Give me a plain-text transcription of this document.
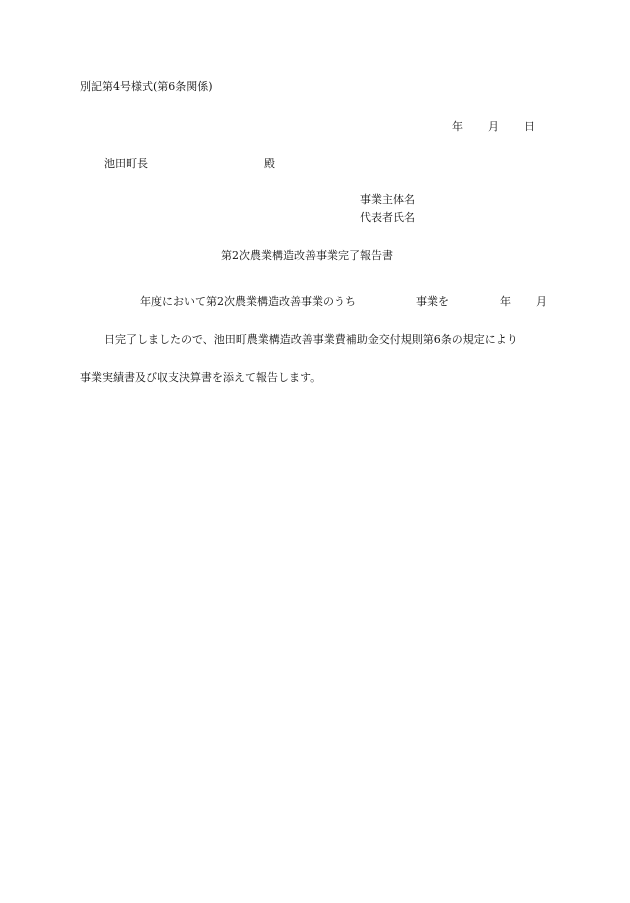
別記第4号様式(第6条関係)

年 月 日

池田町長	殿

事業主体名

代表者氏名

第2次農業構造改善事業完了報告書

年度において第2次農業構造改善事業のうち	事業を	年 月

日完了しましたので、池田町農業構造改善事業費補助金交付規則第6条の規定により

事業実績書及び収支決算書を添えて報告します。
